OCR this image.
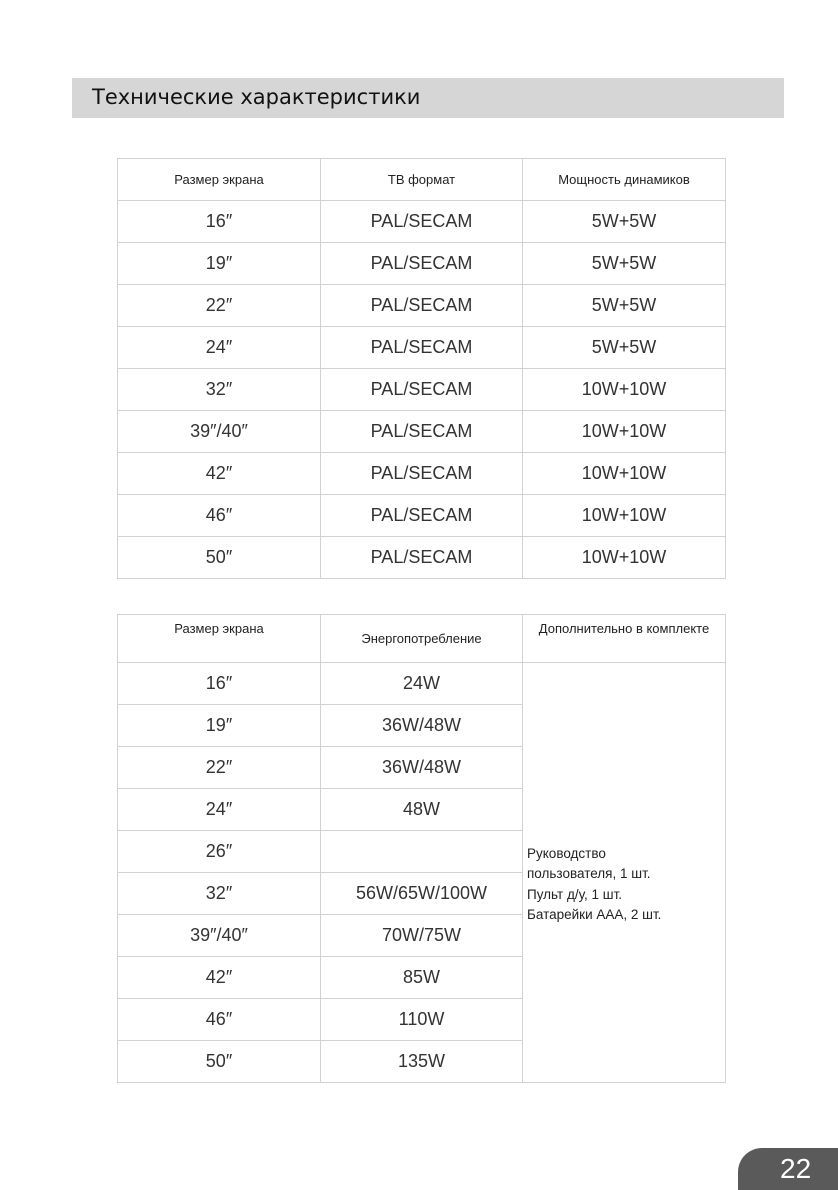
Технические характеристики
Размер экрана	ТВ формат	Мощность динамиков
16″	PAL/SECAM	5W+5W
19″	PAL/SECAM	5W+5W
22″	PAL/SECAM	5W+5W
24″	PAL/SECAM	5W+5W
32″	PAL/SECAM	10W+10W
39″/40″	PAL/SECAM	10W+10W
42″	PAL/SECAM	10W+10W
46″	PAL/SECAM	10W+10W
50″	PAL/SECAM	10W+10W
Размер экрана	Энергопотребление	Дополнительно в комплекте
16″	24W	Руководство
пользователя, 1 шт.
Пульт д/у, 1 шт.
Батарейки ААА, 2 шт.

19″	36W/48W	
22″	36W/48W	
24″	48W	
26″		
32″	56W/65W/100W	
39″/40″	70W/75W	
42″	85W	
46″	110W	
50″	135W	
22
